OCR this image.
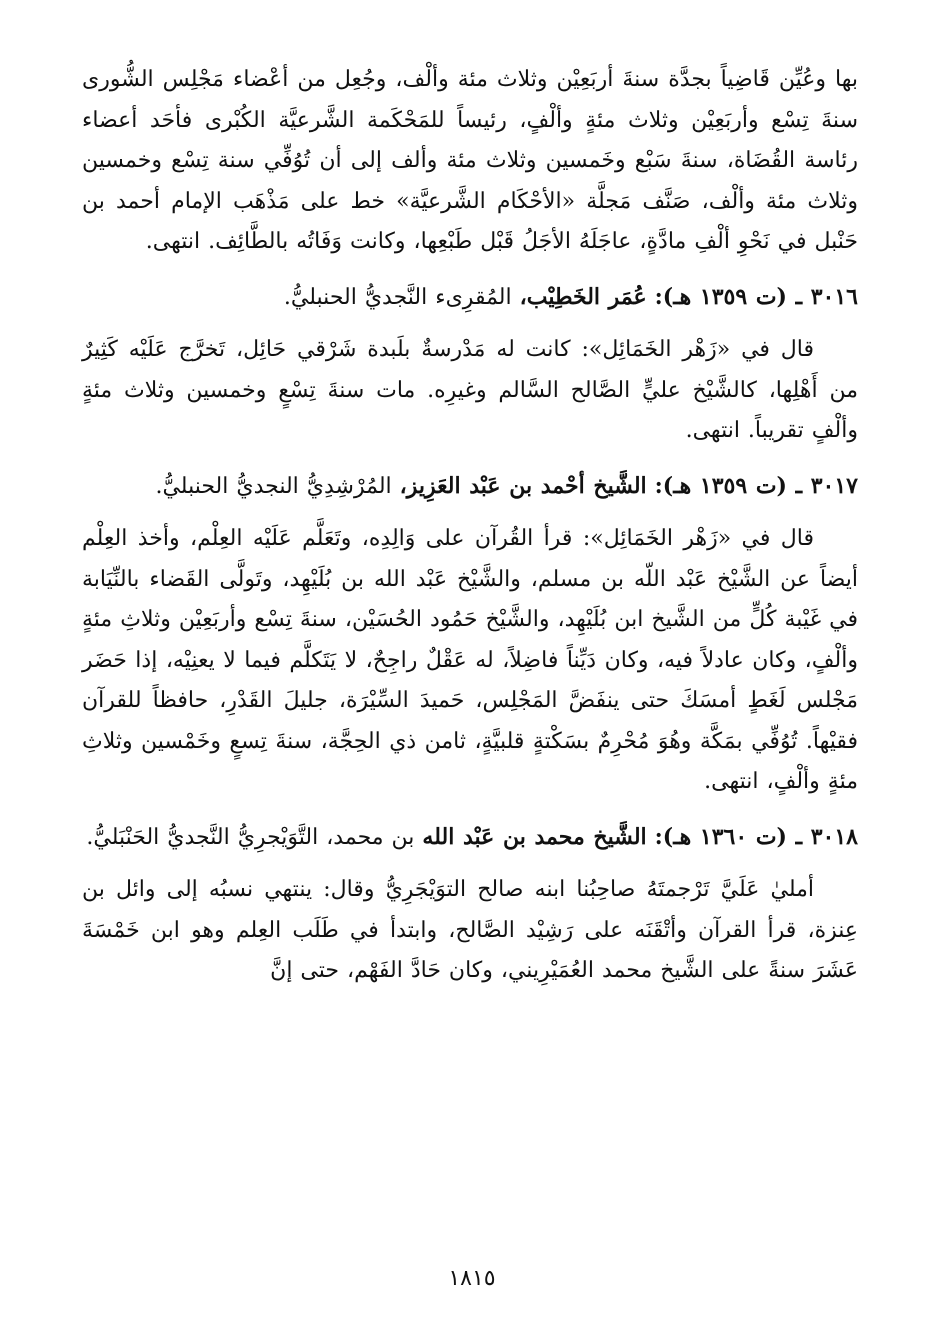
بها وعُيِّن قَاضِياً بجدَّة سنةَ أربَعِيْن وثلاث مئة وألْف، وجُعِل من أعْضاء مَجْلِس الشُّورى سنةَ تِسْع وأربَعِيْن وثلاث مئةٍ وألْفٍ، رئيساً للمَحْكَمة الشَّرعيَّة الكُبْرى فأحَد أعضاء رئاسة القُضَاة، سنةَ سَبْع وخَمسين وثلاث مئة وألف إلى أن تُوُفِّي سنة تِسْع وخمسين وثلاث مئة وألْف، صَنَّف مَجلَّة «الأحْكَام الشَّرعيَّة» خط على مَذْهَب الإمام أحمد بن حَنْبل في نَحْوِ ألْفِ مادَّةٍ، عاجَلَهُ الأجَلُ قَبْل طَبْعِها، وكانت وَفَاتُه بالطَّائِف. انتهى.

٣٠١٦ ـ (ت ١٣٥٩ هـ): عُمَر الخَطِيْب، المُقرِىء النَّجديُّ الحنبليُّ.

قال في «زَهْر الخَمَائِل»: كانت له مَدْرسةٌ بلَبدة شَرْقي حَائِل، تَخرَّج عَلَيْه كَثِيرٌ من أَهْلِها، كالشَّيْخ عليٍّ الصَّالح السَّالم وغيرِه. مات سنةَ تِسْعٍ وخمسين وثلاث مئةٍ وألْفٍ تقريباً. انتهى.

٣٠١٧ ـ (ت ١٣٥٩ هـ): الشَّيخ أحْمد بن عَبْد العَزِيز، المُرْشِدِيُّ النجديُّ الحنبليُّ.

قال في «زَهْر الخَمَائِل»: قرأ القُرآن على وَالِدِه، وتَعَلَّم عَلَيْه العِلْم، وأخذ العِلْم أيضاً عن الشَّيْخ عَبْد اللّه بن مسلم، والشَّيْخ عَبْد الله بن بُلَيْهِد، وتَولَّى القَضاء بالنِّيَابة في غَيْبة كُلٍّ من الشَّيخ ابن بُلَيْهِد، والشَّيْخ حَمُود الحُسَيْن، سنةَ تِسْع وأربَعِيْن وثلاثِ مئةٍ وألْفٍ، وكان عادلاً فيه، وكان دَيِّناً فاضِلاً، له عَقْلٌ راجِحٌ، لا يَتَكلَّم فيما لا يعنِيْه، إذا حَضَر مَجْلس لَغَطٍ أمسَكَ حتى ينفَضَّ المَجْلِس، حَميدَ السِّيْرَة، جليلَ القَدْرِ، حافظاً للقرآن فقيْهاً. تُوُفِّي بمَكَّة وهُوَ مُحْرِمٌ بسَكْتةٍ قلبيَّةٍ، ثامن ذي الحِجَّة، سنةَ تِسعٍ وخَمْسين وثلاثِ مئةٍ وألْفٍ، انتهى.

٣٠١٨ ـ (ت ١٣٦٠ هـ): الشَّيخ محمد بن عَبْد الله بن محمد، التَّوَيْجرِيُّ النَّجديُّ الحَنْبَليُّ.

أمليٰ عَلَيَّ تَرْجمتَهُ صاحِبُنا ابنه صالح التوَيْجَرِيُّ وقال: ينتهي نسبُه إلى وائل بن عِنزة، قرأ القرآن وأتْقَنَه على رَشِيْد الصَّالح، وابتدأ في طَلَب العِلم وهو ابن خَمْسَةَ عَشَرَ سنةً على الشَّيخ محمد العُمَيْرِيني، وكان حَادَّ الفَهْم، حتى إنَّ

١٨١٥
